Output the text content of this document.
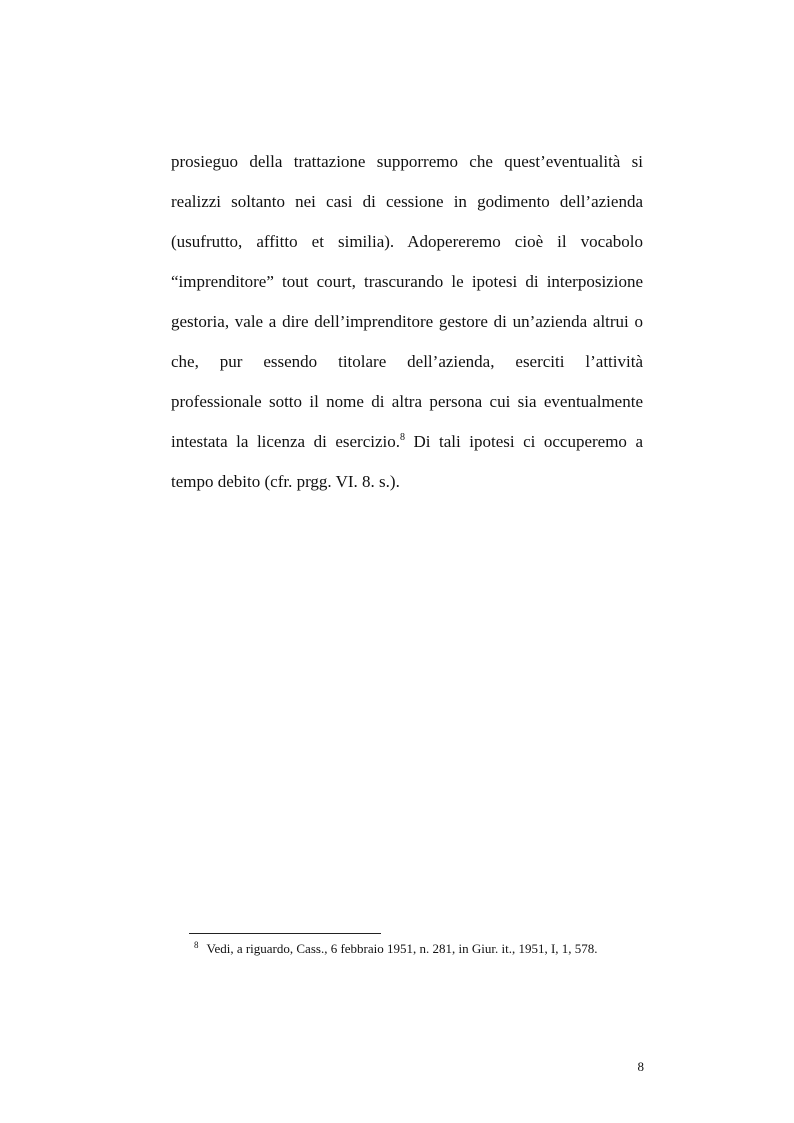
prosieguo della trattazione supporremo che quest’eventualità si
realizzi soltanto nei casi di cessione in godimento dell’azienda
(usufrutto, affitto et similia). Adopereremo cioè il vocabolo
“imprenditore” tout court, trascurando le ipotesi di interposizione
gestoria, vale a dire dell’imprenditore gestore di un’azienda altrui o
che, pur essendo titolare dell’azienda, eserciti l’attività
professionale sotto il nome di altra persona cui sia eventualmente
intestata la licenza di esercizio.$^8$ Di tali ipotesi ci occuperemo a
tempo debito (cfr. prgg. VI. 8. s.).
$^8$ Vedi, a riguardo, Cass., 6 febbraio 1951, n. 281, in Giur. it., 1951, I, 1, 578.
8
